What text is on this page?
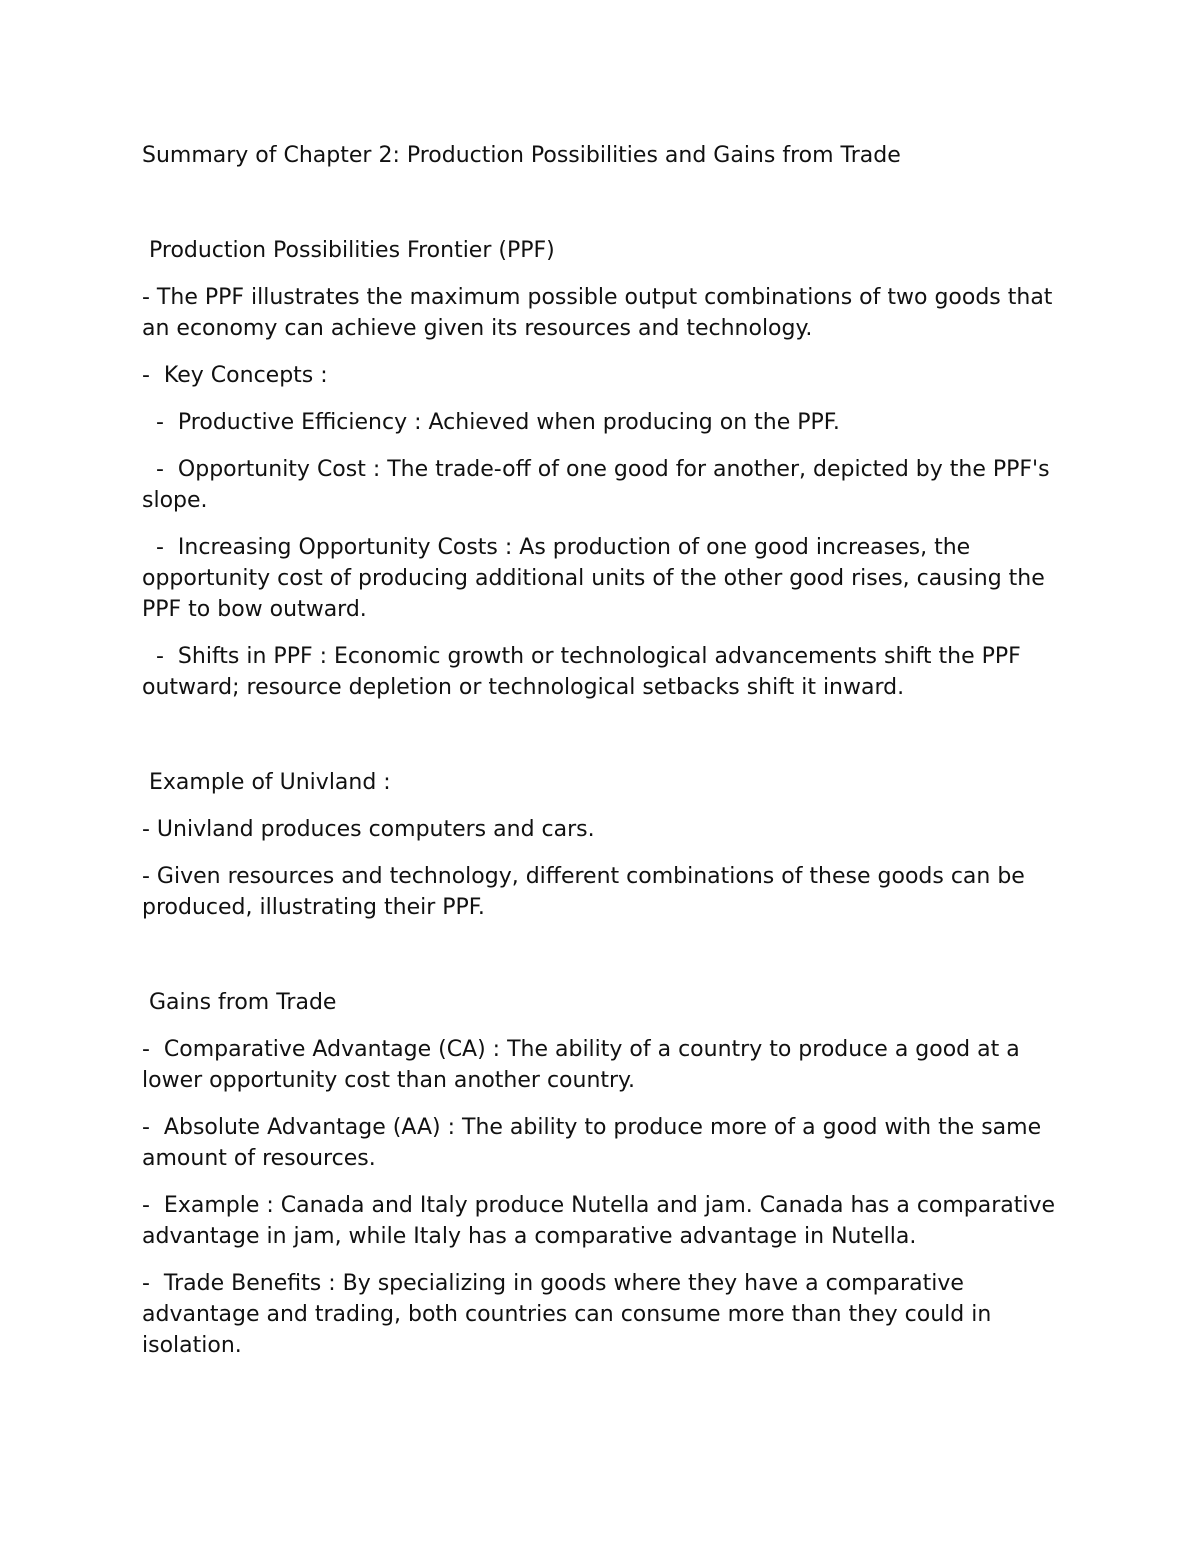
Summary of Chapter 2: Production Possibilities and Gains from Trade

Production Possibilities Frontier (PPF)

- The PPF illustrates the maximum possible output combinations of two goods that an economy can achieve given its resources and technology.

-  Key Concepts :

-  Productive Efficiency : Achieved when producing on the PPF.

-  Opportunity Cost : The trade-off of one good for another, depicted by the PPF's slope.

-  Increasing Opportunity Costs : As production of one good increases, the opportunity cost of producing additional units of the other good rises, causing the PPF to bow outward.

-  Shifts in PPF : Economic growth or technological advancements shift the PPF outward; resource depletion or technological setbacks shift it inward.

Example of Univland :

- Univland produces computers and cars.

- Given resources and technology, different combinations of these goods can be produced, illustrating their PPF.

Gains from Trade

-  Comparative Advantage (CA) : The ability of a country to produce a good at a lower opportunity cost than another country.

-  Absolute Advantage (AA) : The ability to produce more of a good with the same amount of resources.

-  Example : Canada and Italy produce Nutella and jam. Canada has a comparative advantage in jam, while Italy has a comparative advantage in Nutella.

-  Trade Benefits : By specializing in goods where they have a comparative advantage and trading, both countries can consume more than they could in isolation.
